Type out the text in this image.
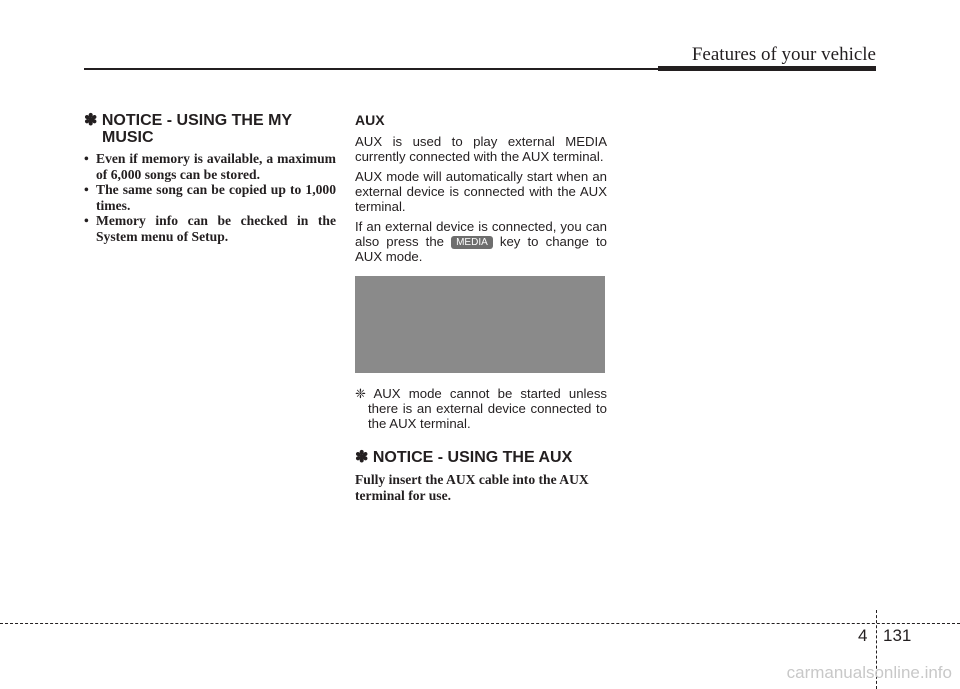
Features of your vehicle
✽ NOTICE - USING THE MY MUSIC
• Even if memory is available, a maximum of 6,000 songs can be stored.
• The same song can be copied up to 1,000 times.
• Memory info can be checked in the System menu of Setup.
AUX

AUX is used to play external MEDIA currently connected with the AUX terminal.

AUX mode will automatically start when an external device is connected with the AUX terminal.

If an external device is connected, you can also press the MEDIA key to change to AUX mode.

❈ AUX mode cannot be started unless there is an external device connected to the AUX terminal.

✽ NOTICE - USING THE AUX

Fully insert the AUX cable into the AUX terminal for use.

4 131
carmanualsonline.info
